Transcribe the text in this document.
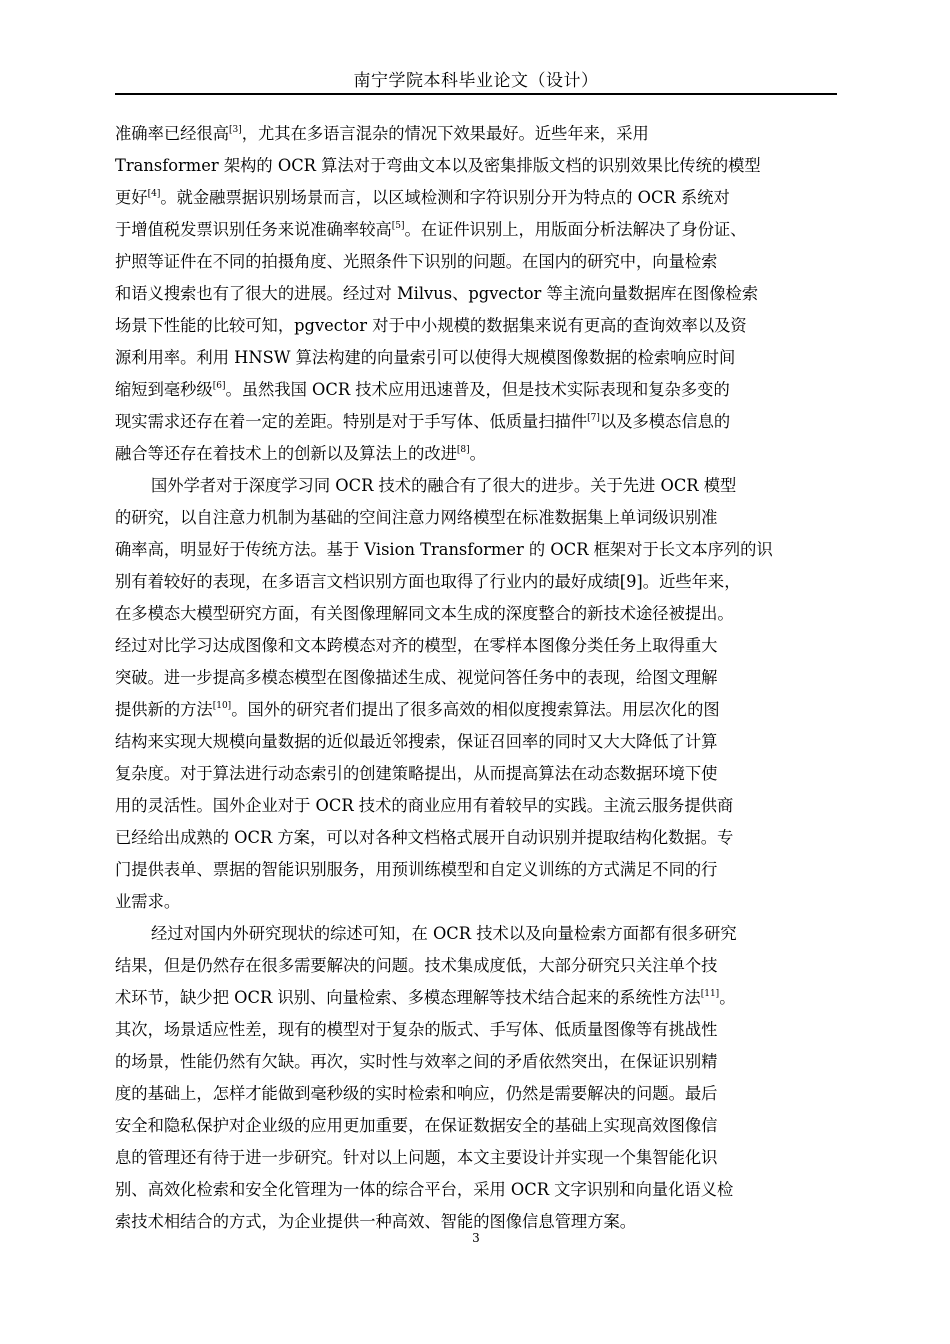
南宁学院本科毕业论文（设计）
准确率已经很高[3]，尤其在多语言混杂的情况下效果最好。近些年来，采用
Transformer 架构的 OCR 算法对于弯曲文本以及密集排版文档的识别效果比传统的模型
更好[4]。就金融票据识别场景而言，以区域检测和字符识别分开为特点的 OCR 系统对
于增值税发票识别任务来说准确率较高[5]。在证件识别上，用版面分析法解决了身份证、
护照等证件在不同的拍摄角度、光照条件下识别的问题。在国内的研究中，向量检索
和语义搜索也有了很大的进展。经过对 Milvus、pgvector 等主流向量数据库在图像检索
场景下性能的比较可知，pgvector 对于中小规模的数据集来说有更高的查询效率以及资
源利用率。利用 HNSW 算法构建的向量索引可以使得大规模图像数据的检索响应时间
缩短到毫秒级[6]。虽然我国 OCR 技术应用迅速普及，但是技术实际表现和复杂多变的
现实需求还存在着一定的差距。特别是对于手写体、低质量扫描件[7]以及多模态信息的
融合等还存在着技术上的创新以及算法上的改进[8]。
国外学者对于深度学习同 OCR 技术的融合有了很大的进步。关于先进 OCR 模型
的研究，以自注意力机制为基础的空间注意力网络模型在标准数据集上单词级识别准
确率高，明显好于传统方法。基于 Vision Transformer 的 OCR 框架对于长文本序列的识
别有着较好的表现，在多语言文档识别方面也取得了行业内的最好成绩[9]。近些年来，
在多模态大模型研究方面，有关图像理解同文本生成的深度整合的新技术途径被提出。
经过对比学习达成图像和文本跨模态对齐的模型，在零样本图像分类任务上取得重大
突破。进一步提高多模态模型在图像描述生成、视觉问答任务中的表现，给图文理解
提供新的方法[10]。国外的研究者们提出了很多高效的相似度搜索算法。用层次化的图
结构来实现大规模向量数据的近似最近邻搜索，保证召回率的同时又大大降低了计算
复杂度。对于算法进行动态索引的创建策略提出，从而提高算法在动态数据环境下使
用的灵活性。国外企业对于 OCR 技术的商业应用有着较早的实践。主流云服务提供商
已经给出成熟的 OCR 方案，可以对各种文档格式展开自动识别并提取结构化数据。专
门提供表单、票据的智能识别服务，用预训练模型和自定义训练的方式满足不同的行
业需求。
经过对国内外研究现状的综述可知，在 OCR 技术以及向量检索方面都有很多研究
结果，但是仍然存在很多需要解决的问题。技术集成度低，大部分研究只关注单个技
术环节，缺少把 OCR 识别、向量检索、多模态理解等技术结合起来的系统性方法[11]。
其次，场景适应性差，现有的模型对于复杂的版式、手写体、低质量图像等有挑战性
的场景，性能仍然有欠缺。再次，实时性与效率之间的矛盾依然突出，在保证识别精
度的基础上，怎样才能做到毫秒级的实时检索和响应，仍然是需要解决的问题。最后
安全和隐私保护对企业级的应用更加重要，在保证数据安全的基础上实现高效图像信
息的管理还有待于进一步研究。针对以上问题，本文主要设计并实现一个集智能化识
别、高效化检索和安全化管理为一体的综合平台，采用 OCR 文字识别和向量化语义检
索技术相结合的方式，为企业提供一种高效、智能的图像信息管理方案。
3
